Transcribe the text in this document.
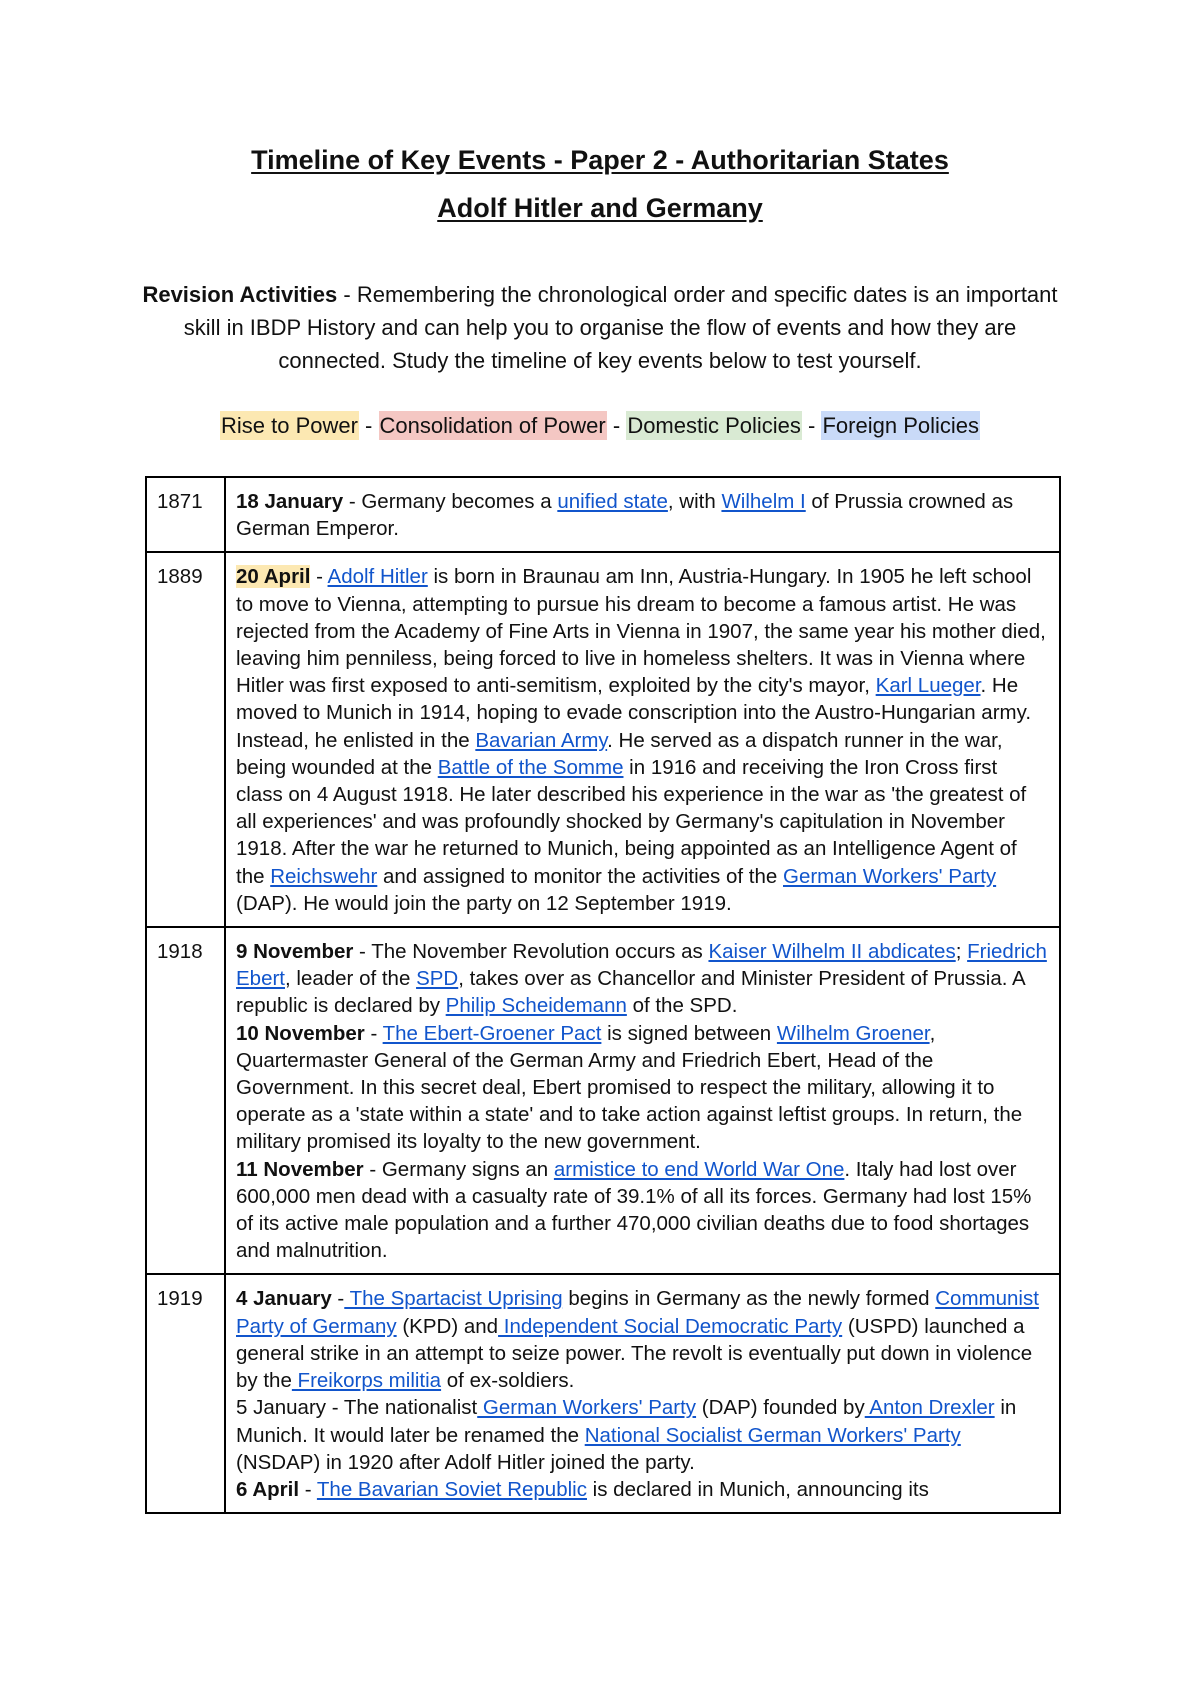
Timeline of Key Events - Paper 2 - Authoritarian States
Adolf Hitler and Germany

Revision Activities - Remembering the chronological order and specific dates is an important skill in IBDP History and can help you to organise the flow of events and how they are connected. Study the timeline of key events below to test yourself.

Rise to Power - Consolidation of Power - Domestic Policies - Foreign Policies
1871	18 January - Germany becomes a unified state, with Wilhelm I of Prussia crowned as German Emperor.

1889	20 April - Adolf Hitler is born in Braunau am Inn, Austria-Hungary. In 1905 he left school to move to Vienna, attempting to pursue his dream to become a famous artist. He was rejected from the Academy of Fine Arts in Vienna in 1907, the same year his mother died, leaving him penniless, being forced to live in homeless shelters. It was in Vienna where Hitler was first exposed to anti-semitism, exploited by the city's mayor, Karl Lueger. He moved to Munich in 1914, hoping to evade conscription into the Austro-Hungarian army. Instead, he enlisted in the Bavarian Army. He served as a dispatch runner in the war, being wounded at the Battle of the Somme in 1916 and receiving the Iron Cross first class on 4 August 1918. He later described his experience in the war as 'the greatest of all experiences' and was profoundly shocked by Germany's capitulation in November 1918. After the war he returned to Munich, being appointed as an Intelligence Agent of the Reichswehr and assigned to monitor the activities of the German Workers' Party (DAP). He would join the party on 12 September 1919.

1918	9 November - The November Revolution occurs as Kaiser Wilhelm II abdicates; Friedrich Ebert, leader of the SPD, takes over as Chancellor and Minister President of Prussia. A republic is declared by Philip Scheidemann of the SPD.
10 November - The Ebert-Groener Pact is signed between Wilhelm Groener, Quartermaster General of the German Army and Friedrich Ebert, Head of the Government. In this secret deal, Ebert promised to respect the military, allowing it to operate as a 'state within a state' and to take action against leftist groups. In return, the military promised its loyalty to the new government.
11 November - Germany signs an armistice to end World War One. Italy had lost over 600,000 men dead with a casualty rate of 39.1% of all its forces. Germany had lost 15% of its active male population and a further 470,000 civilian deaths due to food shortages and malnutrition.

1919	4 January - The Spartacist Uprising begins in Germany as the newly formed Communist Party of Germany (KPD) and Independent Social Democratic Party (USPD) launched a general strike in an attempt to seize power. The revolt is eventually put down in violence by the Freikorps militia of ex-soldiers.
5 January - The nationalist German Workers' Party (DAP) founded by Anton Drexler in Munich. It would later be renamed the National Socialist German Workers' Party (NSDAP) in 1920 after Adolf Hitler joined the party.
6 April - The Bavarian Soviet Republic is declared in Munich, announcing its
